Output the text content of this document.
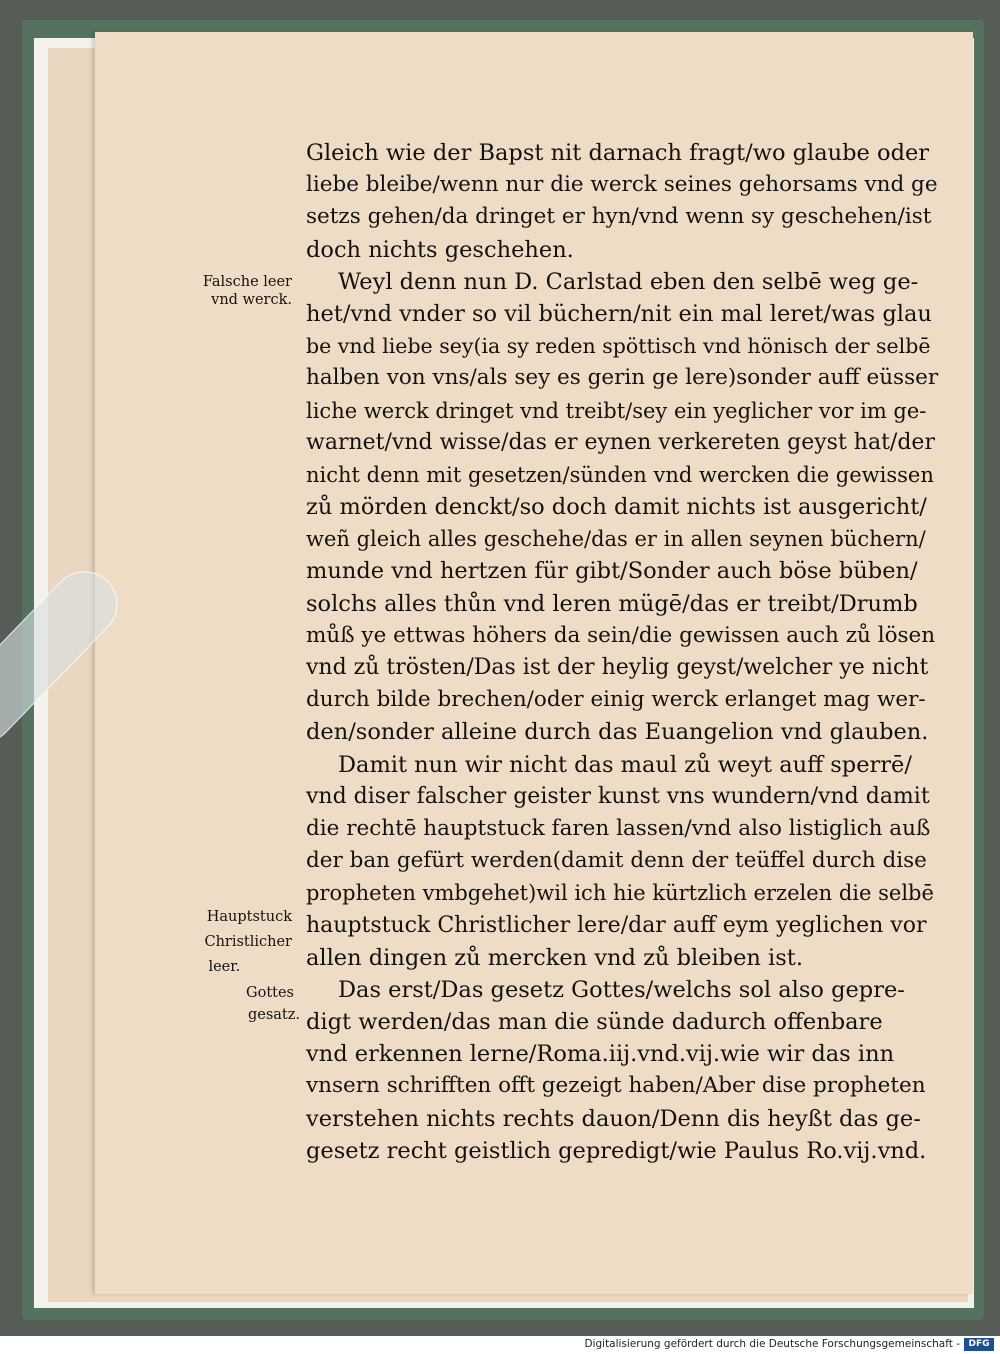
Gleich wie der Bapst nit darnach fragt/wo glaube oder
liebe bleibe/wenn nur die werck seines gehorsams vnd ge
setzs gehen/da dringet er hyn/vnd wenn sy geschehen/ist
doch nichts geschehen.
Weyl denn nun D. Carlstad eben den selbē weg ge-
het/vnd vnder so vil büchern/nit ein mal leret/was glau
be vnd liebe sey(ia sy reden spöttisch vnd hönisch der selbē
halben von vns/als sey es gerin ge lere)sonder auff eüsser
liche werck dringet vnd treibt/sey ein yeglicher vor im ge-
warnet/vnd wisse/das er eynen verkereten geyst hat/der
nicht denn mit gesetzen/sünden vnd wercken die gewissen
zů mörden denckt/so doch damit nichts ist ausgericht/
weñ gleich alles geschehe/das er in allen seynen büchern/
munde vnd hertzen für gibt/Sonder auch böse büben/
solchs alles thůn vnd leren mügē/das er treibt/Drumb
můß ye ettwas höhers da sein/die gewissen auch zů lösen
vnd zů trösten/Das ist der heylig geyst/welcher ye nicht
durch bilde brechen/oder einig werck erlanget mag wer-
den/sonder alleine durch das Euangelion vnd glauben.
Damit nun wir nicht das maul zů weyt auff sperrē/
vnd diser falscher geister kunst vns wundern/vnd damit
die rechtē hauptstuck faren lassen/vnd also listiglich auß
der ban gefürt werden(damit denn der teüffel durch dise
propheten vmbgehet)wil ich hie kürtzlich erzelen die selbē
hauptstuck Christlicher lere/dar auff eym yeglichen vor
allen dingen zů mercken vnd zů bleiben ist.
Das erst/Das gesetz Gottes/welchs sol also gepre-
digt werden/das man die sünde dadurch offenbare
vnd erkennen lerne/Roma.iij.vnd.vij.wie wir das inn
vnsern schrifften offt gezeigt haben/Aber dise propheten
verstehen nichts rechts dauon/Denn dis heyßt das ge-
gesetz recht geistlich gepredigt/wie Paulus Ro.vij.vnd.
Falsche leer
vnd werck.
Hauptstuck
Christlicher
leer.
Gottes
gesatz.
Digitalisierung gefördert durch die Deutsche Forschungsgemeinschaft - DFG
